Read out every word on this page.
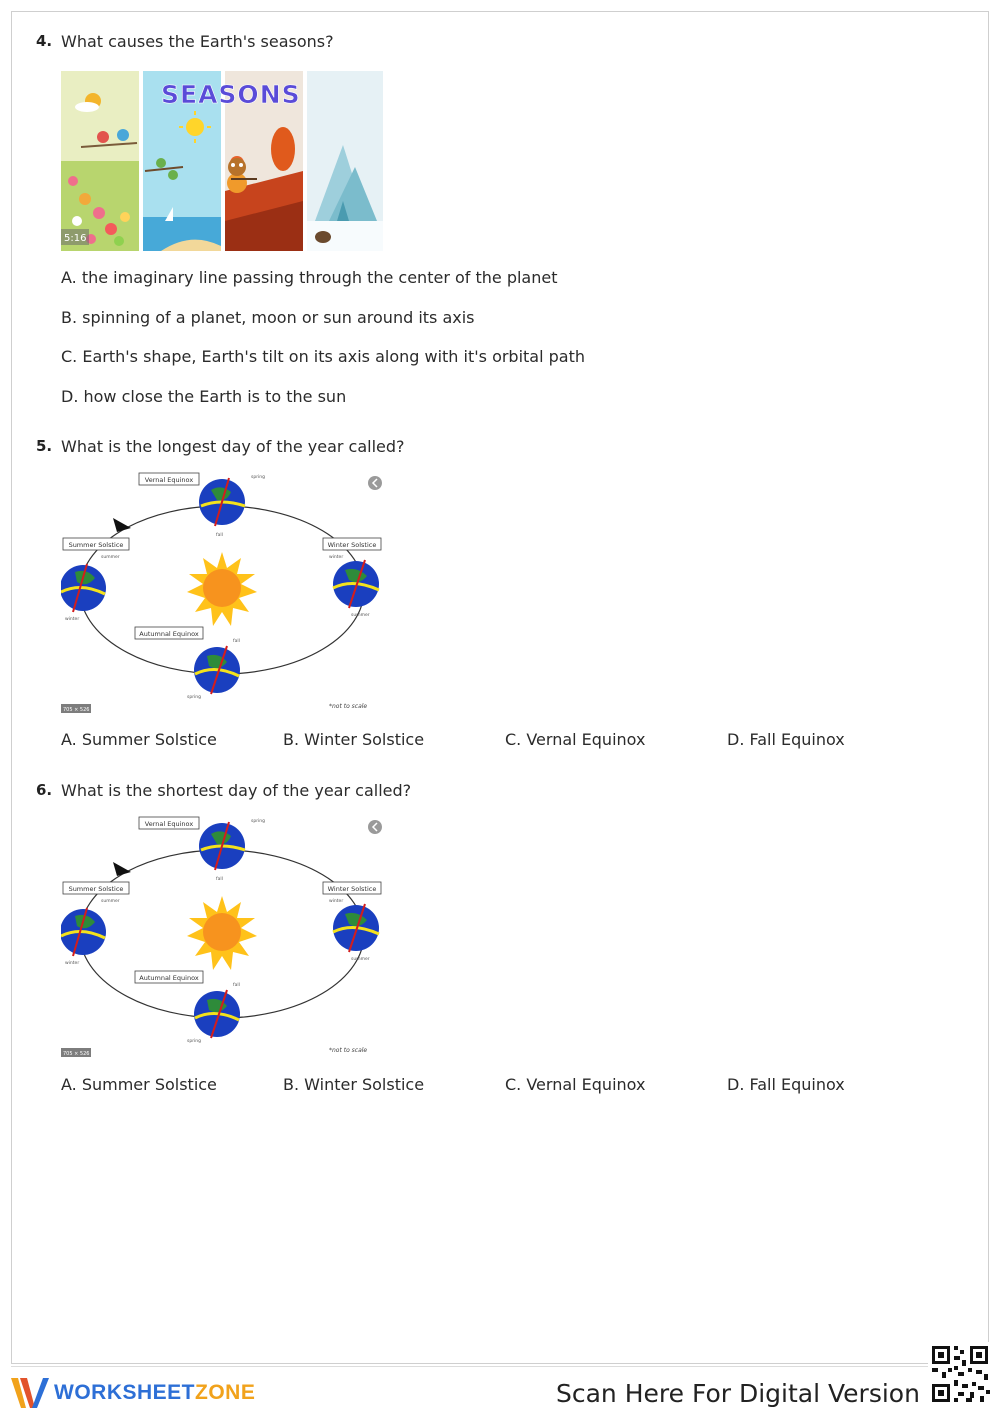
4. What causes the Earth's seasons?
5:16
SEASONS
A. the imaginary line passing through the center of the planet
B. spinning of a planet, moon or sun around its axis
C. Earth's shape, Earth's tilt on its axis along with it's orbital path
D. how close the Earth is to the sun
5. What is the longest day of the year called?
Vernal Equinox
Summer Solstice	Winter Solstice
Autumnal Equinox
spring
fall
summer
winter
winter
summer
fall
spring
*not to scale
705 × 526
A. Summer Solstice	B. Winter Solstice	C. Vernal Equinox	D. Fall Equinox
6. What is the shortest day of the year called?
Vernal Equinox
Summer Solstice	Winter Solstice
Autumnal Equinox
spring
fall
summer
winter
winter
summer
fall
spring
*not to scale
705 × 526
A. Summer Solstice	B. Winter Solstice	C. Vernal Equinox	D. Fall Equinox
WORKSHEETZONE	Scan Here For Digital Version
